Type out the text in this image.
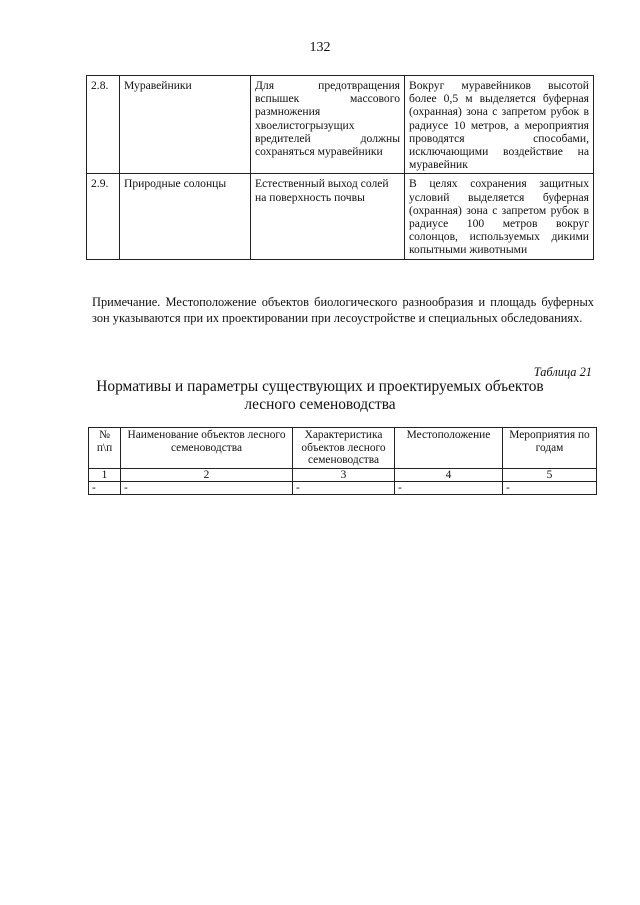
132
2.8.	Муравейники	Для предотвращения вспышек массового размножения хвоелистогрызущих вредителей должны сохраняться муравейники	Вокруг муравейников высотой более 0,5 м выделяется буферная (охранная) зона с запретом рубок в радиусе 10 метров, а мероприятия проводятся способами, исключающими воздействие на муравейник
2.9.	Природные солонцы	Естественный выход солей на поверхность почвы	В целях сохранения защитных условий выделяется буферная (охранная) зона с запретом рубок в радиусе 100 метров вокруг солонцов, используемых дикими копытными животными
Примечание. Местоположение объектов биологического разнообразия и площадь буферных зон указываются при их проектировании при лесоустройстве и специальных обследованиях.
Таблица 21
Нормативы и параметры существующих и проектируемых объектов
лесного семеноводства
№ п\п	Наименование объектов лесного семеноводства	Характеристика объектов лесного семеноводства	Местоположение	Мероприятия по годам
1	2	3	4	5
-	-	-	-	-
